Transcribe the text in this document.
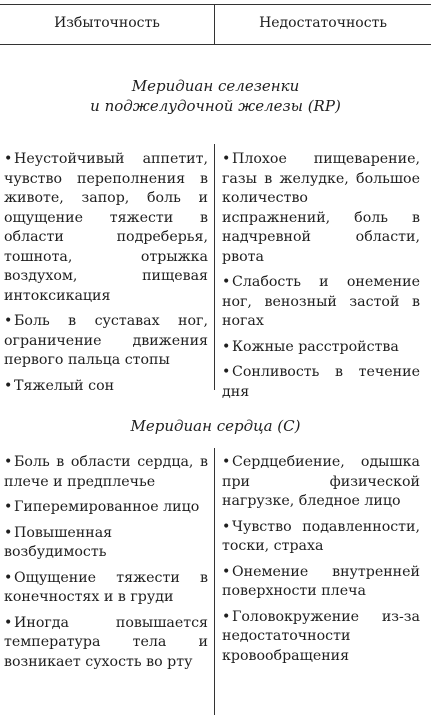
Избыточность	Недостаточность
Меридиан селезенки
и поджелудочной железы (RP)
• Неустойчивый аппетит, чувство переполнения в животе, запор, боль и ощущение тяжести в области подреберья, тошнота, отрыжка воздухом, пищевая интоксикация
• Боль в суставах ног, ограничение движения первого пальца стопы
• Тяжелый сон
• Плохое пищеварение, газы в желудке, большое количество испражнений, боль в надчревной области, рвота
• Слабость и онемение ног, венозный застой в ногах
• Кожные расстройства
• Сонливость в течение дня
Меридиан сердца (С)
• Боль в области сердца, в плече и предплечье
• Гиперемированное лицо
• Повышенная возбудимость
• Ощущение тяжести в конечностях и в груди
• Иногда повышается температура тела и возникает сухость во рту
• Сердцебиение, одышка при физической нагрузке, бледное лицо
• Чувство подавленности, тоски, страха
• Онемение внутренней поверхности плеча
• Головокружение из-за недостаточности кровообращения
